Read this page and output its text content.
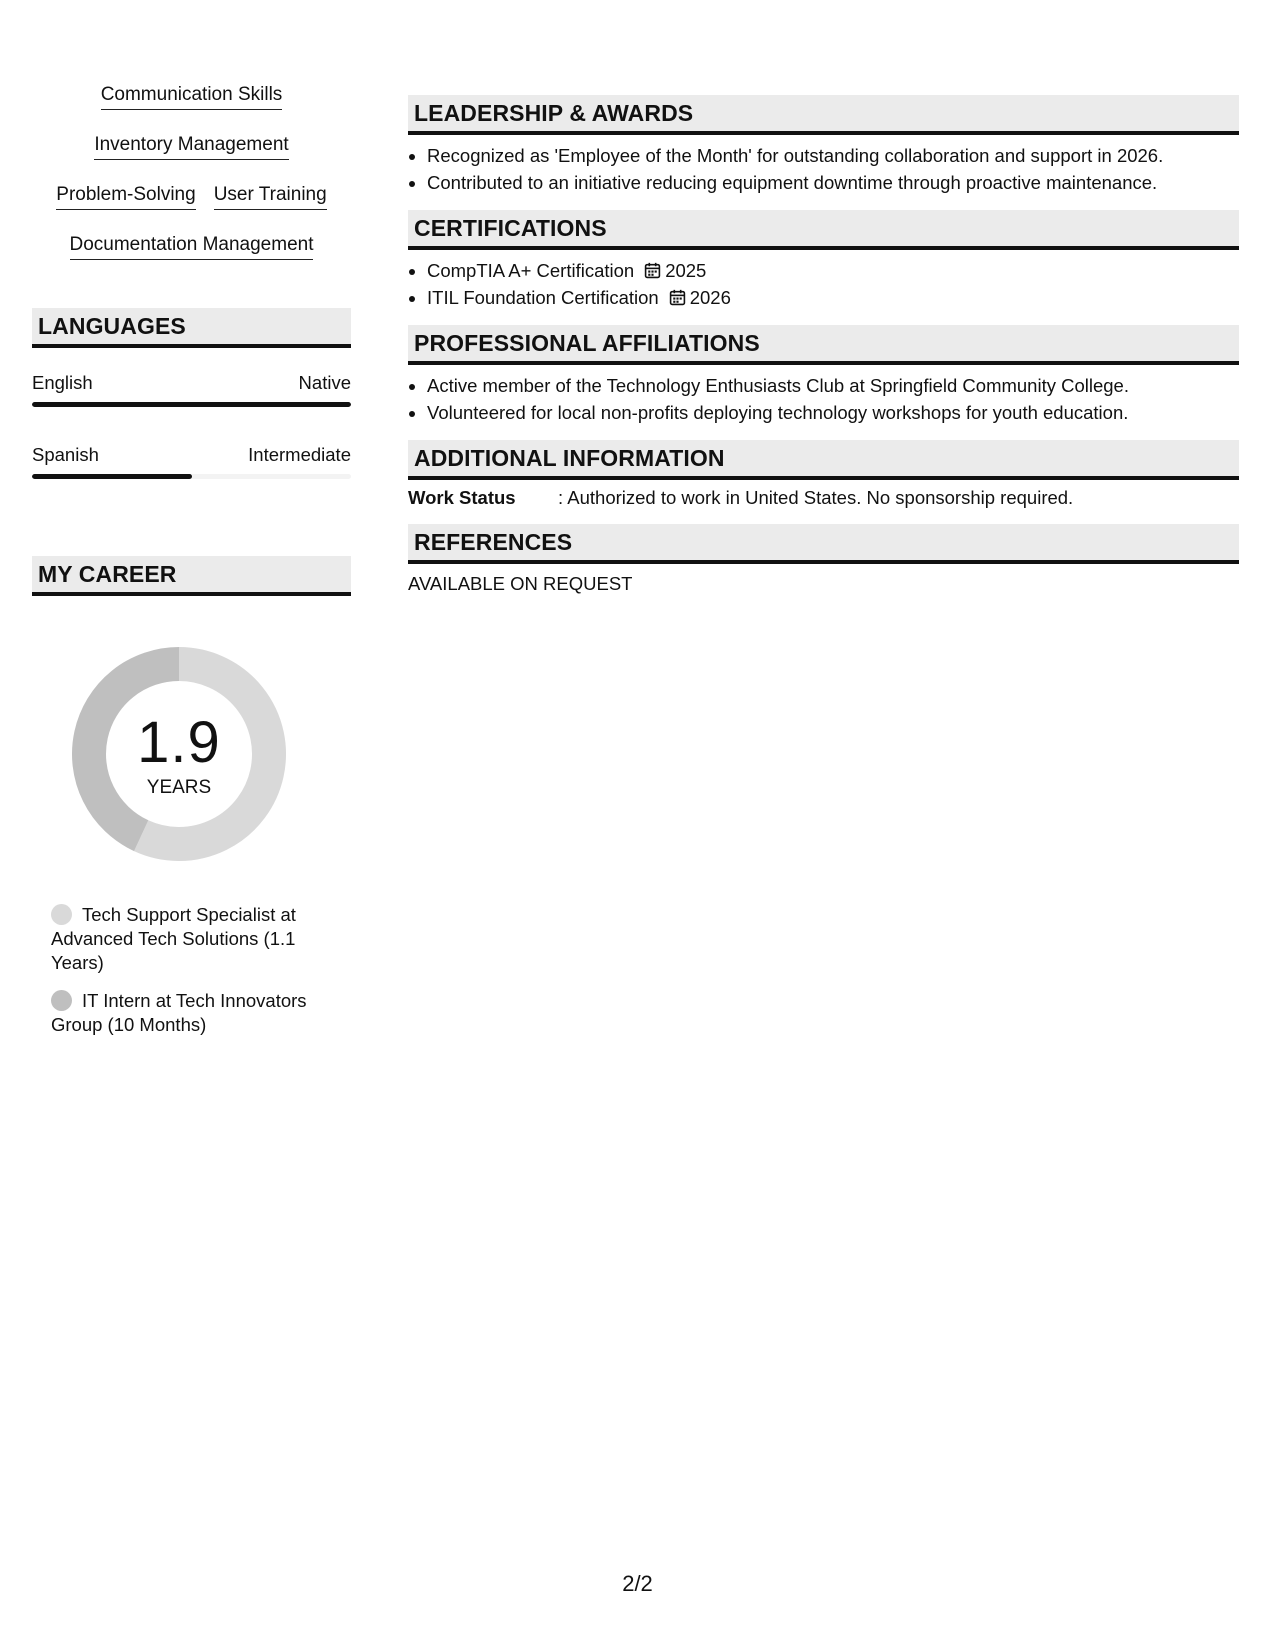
Communication Skills
Inventory Management
Problem-Solving User Training
Documentation Management
LANGUAGES
English	Native
Spanish	Intermediate
MY CAREER
1.9
YEARS
Tech Support Specialist at Advanced Tech Solutions (1.1 Years)
IT Intern at Tech Innovators Group (10 Months)
LEADERSHIP & AWARDS
• Recognized as 'Employee of the Month' for outstanding collaboration and support in 2026.
• Contributed to an initiative reducing equipment downtime through proactive maintenance.
CERTIFICATIONS
• CompTIA A+ Certification 2025
• ITIL Foundation Certification 2026
PROFESSIONAL AFFILIATIONS
• Active member of the Technology Enthusiasts Club at Springfield Community College.
• Volunteered for local non-profits deploying technology workshops for youth education.
ADDITIONAL INFORMATION
Work Status	: Authorized to work in United States. No sponsorship required.
REFERENCES
AVAILABLE ON REQUEST
2/2
